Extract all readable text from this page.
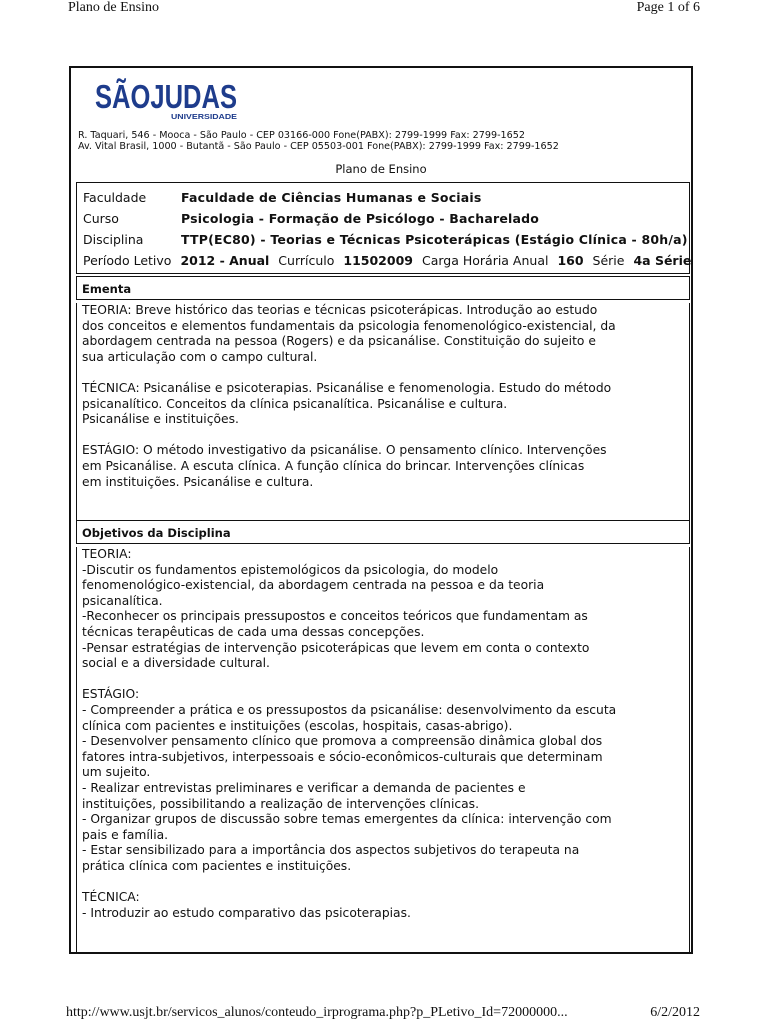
Plano de Ensino	Page 1 of 6
SÃOJUDAS
UNIVERSIDADE
R. Taquari, 546 - Mooca - São Paulo - CEP 03166-000 Fone(PABX): 2799-1999 Fax: 2799-1652
Av. Vital Brasil, 1000 - Butantã - São Paulo - CEP 05503-001 Fone(PABX): 2799-1999 Fax: 2799-1652
Plano de Ensino
Faculdade	Faculdade de Ciências Humanas e Sociais
Curso	Psicologia - Formação de Psicólogo - Bacharelado
Disciplina	TTP(EC80) - Teorias e Técnicas Psicoterápicas (Estágio Clínica - 80h/a)
Período Letivo 2012 - Anual Currículo 11502009 Carga Horária Anual 160 Série 4a Série
Ementa

TEORIA: Breve histórico das teorias e técnicas psicoterápicas. Introdução ao estudo
dos conceitos e elementos fundamentais da psicologia fenomenológico-existencial, da
abordagem centrada na pessoa (Rogers) e da psicanálise. Constituição do sujeito e
sua articulação com o campo cultural.

TÉCNICA: Psicanálise e psicoterapias. Psicanálise e fenomenologia. Estudo do método
psicanalítico. Conceitos da clínica psicanalítica. Psicanálise e cultura.
Psicanálise e instituições.

ESTÁGIO: O método investigativo da psicanálise. O pensamento clínico. Intervenções
em Psicanálise. A escuta clínica. A função clínica do brincar. Intervenções clínicas
em instituições. Psicanálise e cultura.

Objetivos da Disciplina

TEORIA:
-Discutir os fundamentos epistemológicos da psicologia, do modelo
fenomenológico-existencial, da abordagem centrada na pessoa e da teoria
psicanalítica.
-Reconhecer os principais pressupostos e conceitos teóricos que fundamentam as
técnicas terapêuticas de cada uma dessas concepções.
-Pensar estratégias de intervenção psicoterápicas que levem em conta o contexto
social e a diversidade cultural.

ESTÁGIO:
- Compreender a prática e os pressupostos da psicanálise: desenvolvimento da escuta
clínica com pacientes e instituições (escolas, hospitais, casas-abrigo).
- Desenvolver pensamento clínico que promova a compreensão dinâmica global dos
fatores intra-subjetivos, interpessoais e sócio-econômicos-culturais que determinam
um sujeito.
- Realizar entrevistas preliminares e verificar a demanda de pacientes e
instituições, possibilitando a realização de intervenções clínicas.
- Organizar grupos de discussão sobre temas emergentes da clínica: intervenção com
pais e família.
- Estar sensibilizado para a importância dos aspectos subjetivos do terapeuta na
prática clínica com pacientes e instituições.

TÉCNICA:
- Introduzir ao estudo comparativo das psicoterapias.

http://www.usjt.br/servicos_alunos/conteudo_irprograma.php?p_PLetivo_Id=72000000...	6/2/2012
